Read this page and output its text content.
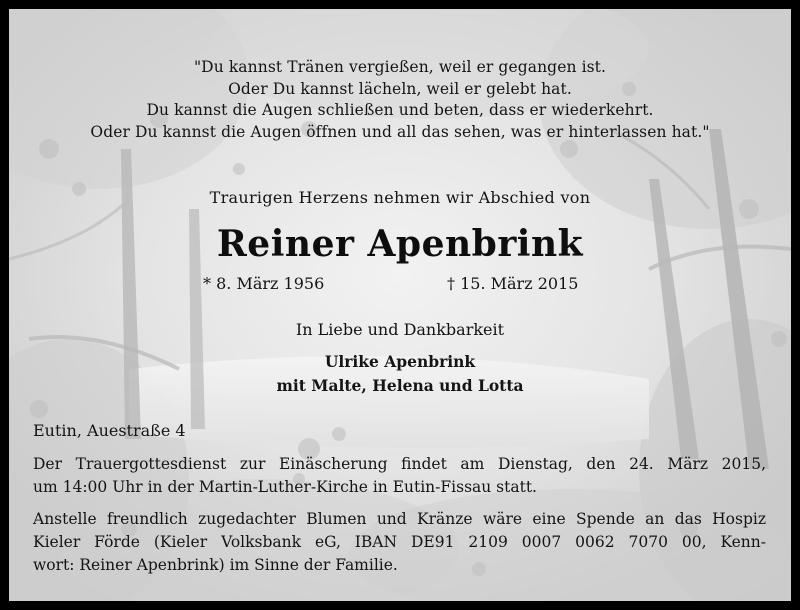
"Du kannst Tränen vergießen, weil er gegangen ist.
Oder Du kannst lächeln, weil er gelebt hat.
Du kannst die Augen schließen und beten, dass er wiederkehrt.
Oder Du kannst die Augen öffnen und all das sehen, was er hinterlassen hat."
Traurigen Herzens nehmen wir Abschied von
Reiner Apenbrink
* 8. März 1956	† 15. März 2015
In Liebe und Dankbarkeit
Ulrike Apenbrink
mit Malte, Helena und Lotta
Eutin, Auestraße 4
Der Trauergottesdienst zur Einäscherung findet am Dienstag, den 24. März 2015,
um 14:00 Uhr in der Martin-Luther-Kirche in Eutin-Fissau statt.
Anstelle freundlich zugedachter Blumen und Kränze wäre eine Spende an das Hospiz
Kieler Förde (Kieler Volksbank eG, IBAN DE91 2109 0007 0062 7070 00, Kenn-
wort: Reiner Apenbrink) im Sinne der Familie.
